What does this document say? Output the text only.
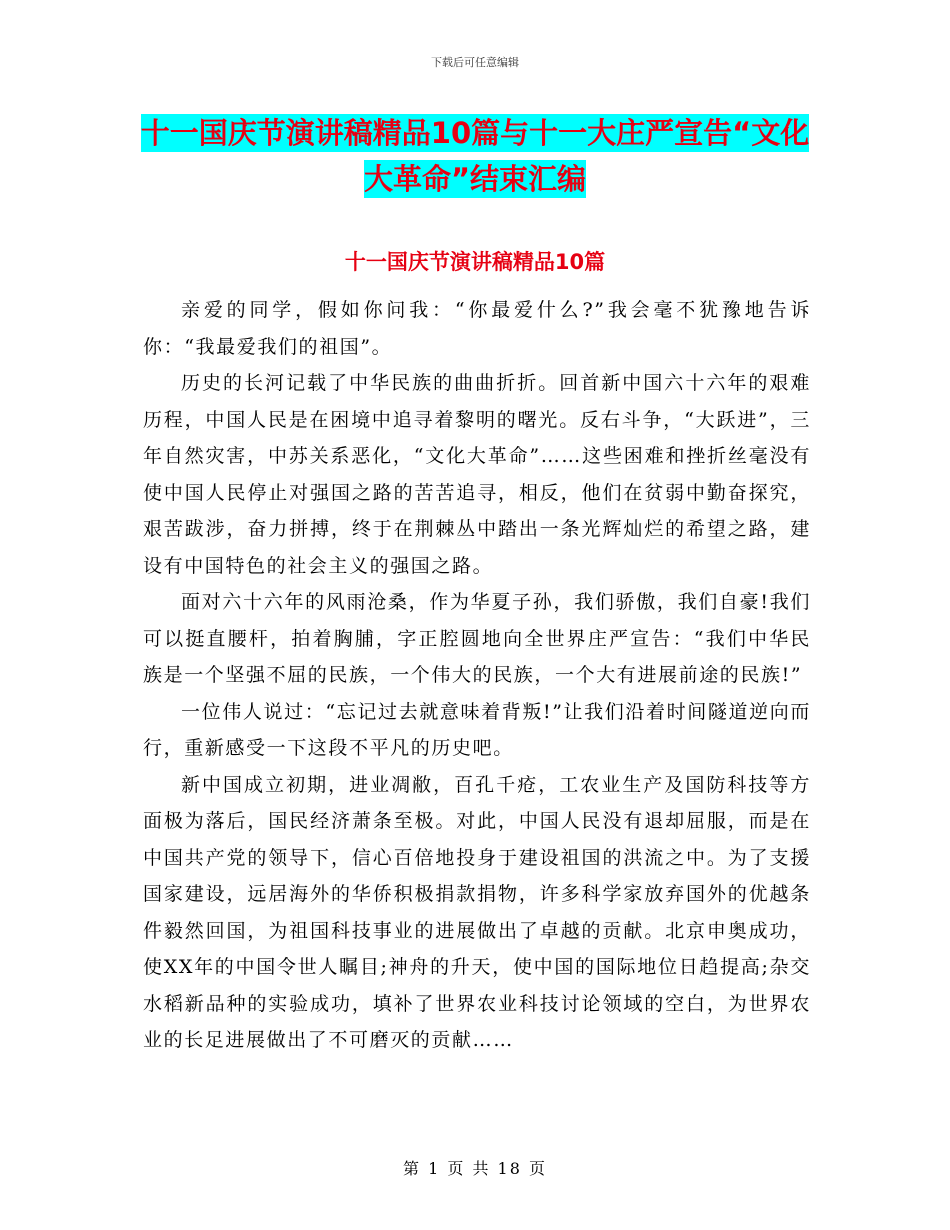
下载后可任意编辑
十一国庆节演讲稿精品10篇与十一大庄严宣告“文化
大革命”结束汇编
十一国庆节演讲稿精品10篇

亲爱的同学，假如你问我：“你最爱什么?”我会毫不犹豫地告诉你：“我最爱我们的祖国”。

历史的长河记载了中华民族的曲曲折折。回首新中国六十六年的艰难历程，中国人民是在困境中追寻着黎明的曙光。反右斗争，“大跃进”，三年自然灾害，中苏关系恶化，“文化大革命”……这些困难和挫折丝毫没有使中国人民停止对强国之路的苦苦追寻，相反，他们在贫弱中勤奋探究，艰苦跋涉，奋力拼搏，终于在荆棘丛中踏出一条光辉灿烂的希望之路，建设有中国特色的社会主义的强国之路。

面对六十六年的风雨沧桑，作为华夏子孙，我们骄傲，我们自豪!我们可以挺直腰杆，拍着胸脯，字正腔圆地向全世界庄严宣告：“我们中华民族是一个坚强不屈的民族，一个伟大的民族，一个大有进展前途的民族!”

一位伟人说过：“忘记过去就意味着背叛!”让我们沿着时间隧道逆向而行，重新感受一下这段不平凡的历史吧。

新中国成立初期，进业凋敝，百孔千疮，工农业生产及国防科技等方面极为落后，国民经济萧条至极。对此，中国人民没有退却屈服，而是在中国共产党的领导下，信心百倍地投身于建设祖国的洪流之中。为了支援国家建设，远居海外的华侨积极捐款捐物，许多科学家放弃国外的优越条件毅然回国，为祖国科技事业的进展做出了卓越的贡献。北京申奥成功，使XX年的中国令世人瞩目;神舟的升天，使中国的国际地位日趋提高;杂交水稻新品种的实验成功，填补了世界农业科技讨论领域的空白，为世界农业的长足进展做出了不可磨灭的贡献……

第 1 页 共 18 页
